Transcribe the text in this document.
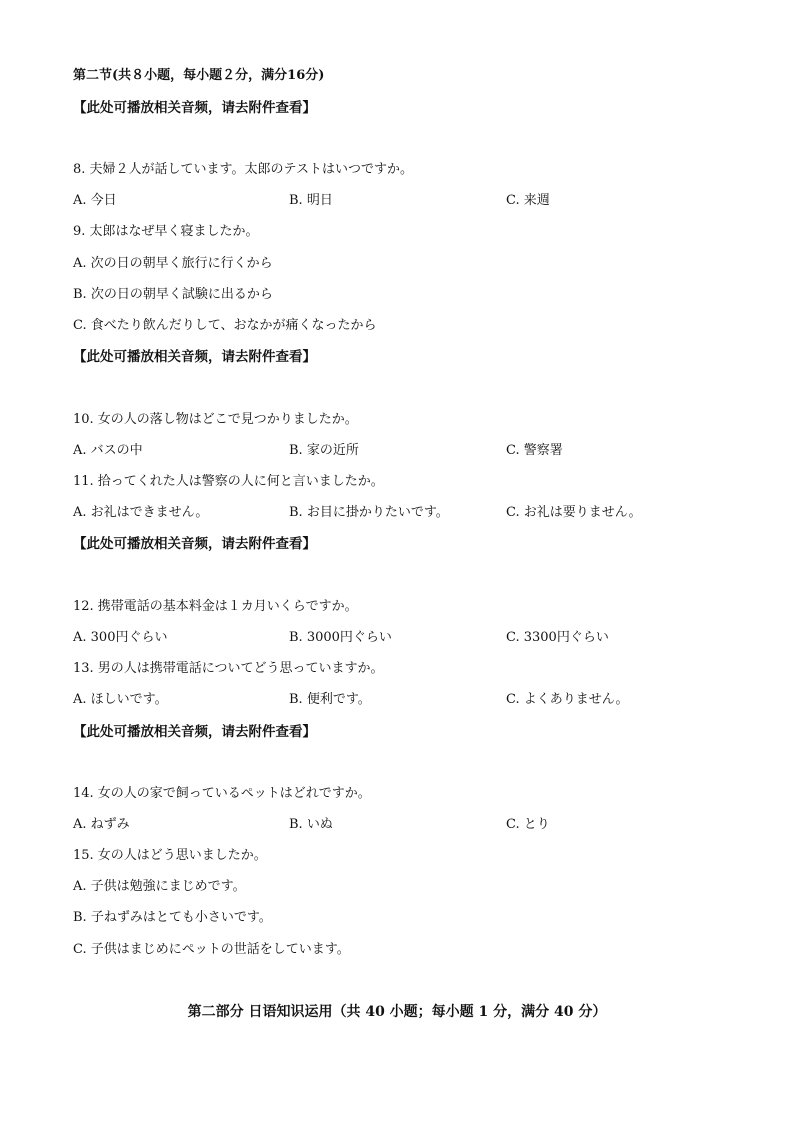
第二节(共８小题，每小题２分，满分16分)
【此处可播放相关音频，请去附件查看】
8. 夫婦２人が話しています。太郎のテストはいつですか。
A. 今日	B. 明日	C. 来週
9. 太郎はなぜ早く寝ましたか。
A. 次の日の朝早く旅行に行くから
B. 次の日の朝早く試験に出るから
C. 食べたり飲んだりして、おなかが痛くなったから
【此处可播放相关音频，请去附件查看】
10. 女の人の落し物はどこで見つかりましたか。
A. バスの中	B. 家の近所	C. 警察署
11. 拾ってくれた人は警察の人に何と言いましたか。
A. お礼はできません。	B. お目に掛かりたいです。	C. お礼は要りません。
【此处可播放相关音频，请去附件查看】
12. 携帯電話の基本料金は１カ月いくらですか。
A. 300円ぐらい	B. 3000円ぐらい	C. 3300円ぐらい
13. 男の人は携帯電話についてどう思っていますか。
A. ほしいです。	B. 便利です。	C. よくありません。
【此处可播放相关音频，请去附件查看】
14. 女の人の家で飼っているペットはどれですか。
A. ねずみ	B. いぬ	C. とり
15. 女の人はどう思いましたか。
A. 子供は勉強にまじめです。
B. 子ねずみはとても小さいです。
C. 子供はまじめにペットの世話をしています。
第二部分 日语知识运用（共 40 小题；每小题 1 分，满分 40 分）
